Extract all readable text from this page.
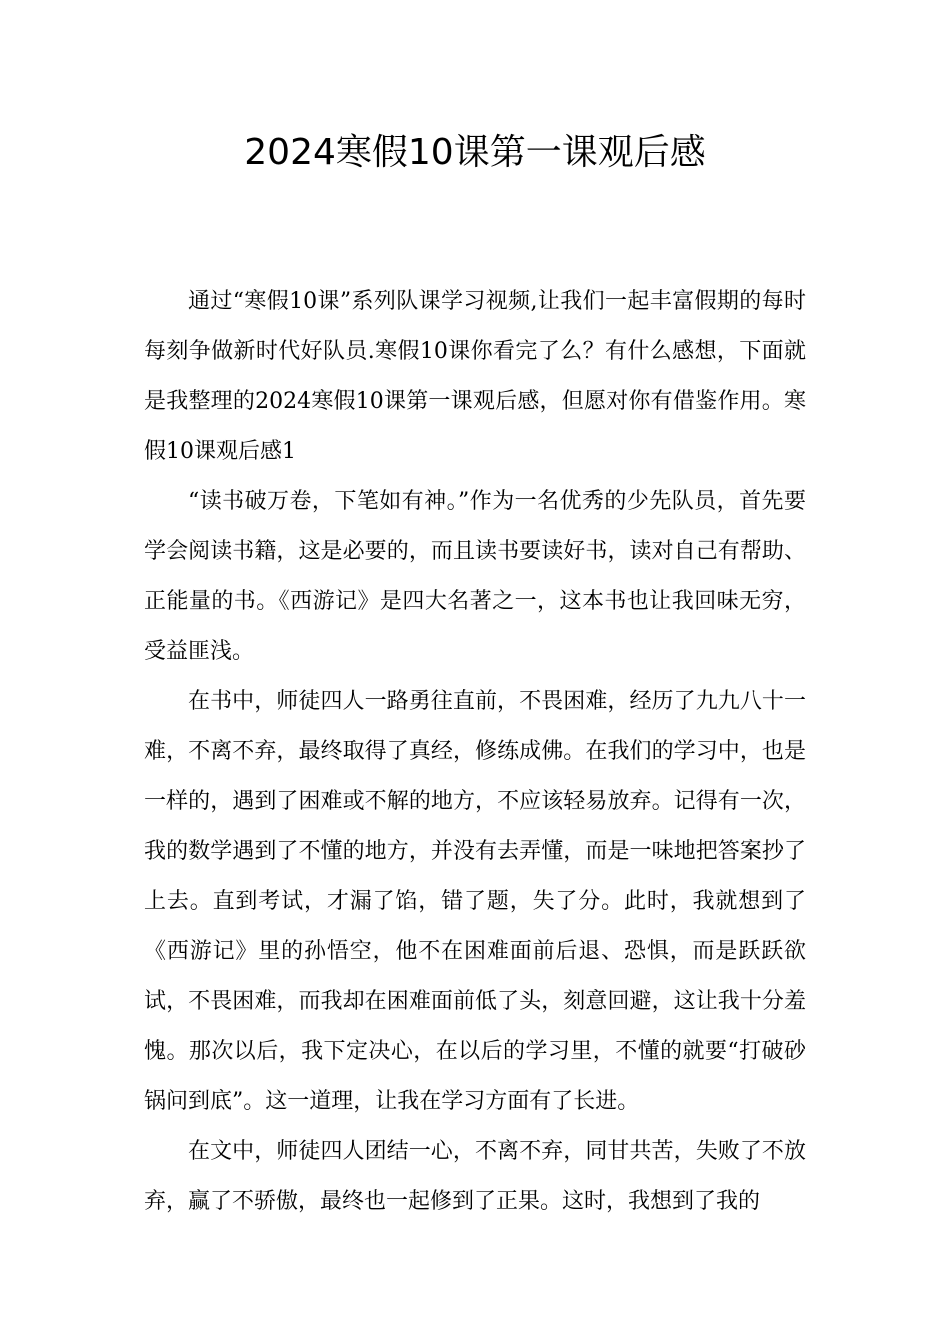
2024寒假10课第一课观后感

通过“寒假10课”系列队课学习视频,让我们一起丰富假期的每时每刻争做新时代好队员.寒假10课你看完了么？有什么感想，下面就是我整理的2024寒假10课第一课观后感，但愿对你有借鉴作用。寒假10课观后感1

“读书破万卷，下笔如有神。”作为一名优秀的少先队员，首先要学会阅读书籍，这是必要的，而且读书要读好书，读对自己有帮助、正能量的书。《西游记》是四大名著之一，这本书也让我回味无穷，受益匪浅。

在书中，师徒四人一路勇往直前，不畏困难，经历了九九八十一难，不离不弃，最终取得了真经，修练成佛。在我们的学习中，也是一样的，遇到了困难或不解的地方，不应该轻易放弃。记得有一次，我的数学遇到了不懂的地方，并没有去弄懂，而是一味地把答案抄了上去。直到考试，才漏了馅，错了题，失了分。此时，我就想到了《西游记》里的孙悟空，他不在困难面前后退、恐惧，而是跃跃欲试，不畏困难，而我却在困难面前低了头，刻意回避，这让我十分羞愧。那次以后，我下定决心，在以后的学习里，不懂的就要“打破砂锅问到底”。这一道理，让我在学习方面有了长进。

在文中，师徒四人团结一心，不离不弃，同甘共苦，失败了不放弃，赢了不骄傲，最终也一起修到了正果。这时，我想到了我的
